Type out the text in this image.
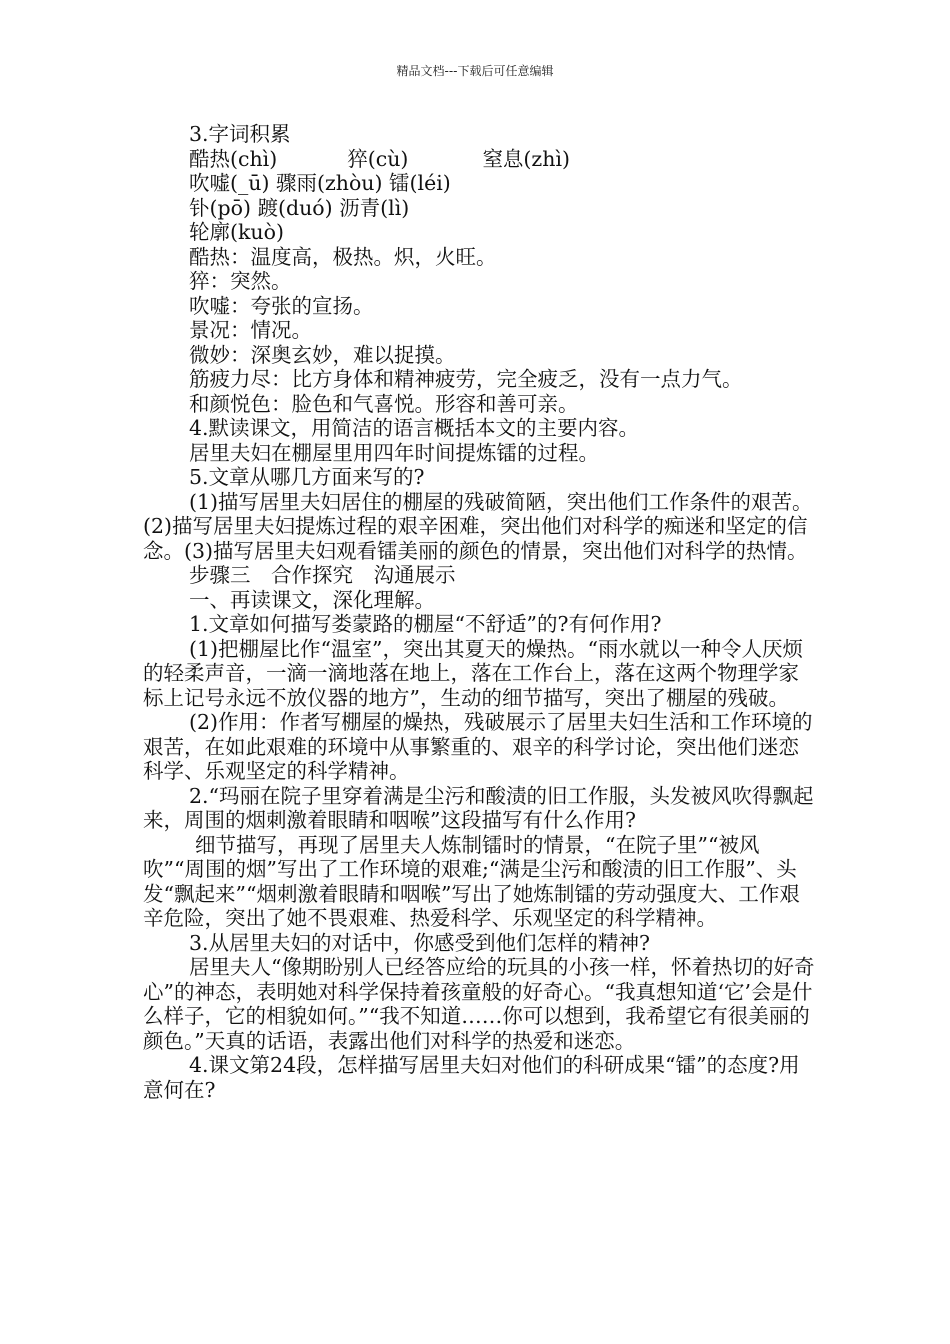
精品文档---下载后可任意编辑

3.字词积累

酷热(chì)	猝(cù)	窒息(zhì)

吹嘘(_ū) 骤雨(zhòu) 镭(léi)

钋(pō) 踱(duó) 沥青(lì)

轮廓(kuò)

酷热：温度高，极热。炽，火旺。

猝：突然。

吹嘘：夸张的宣扬。

景况：情况。

微妙：深奥玄妙，难以捉摸。

筋疲力尽：比方身体和精神疲劳，完全疲乏，没有一点力气。

和颜悦色：脸色和气喜悦。形容和善可亲。

4.默读课文，用简洁的语言概括本文的主要内容。

居里夫妇在棚屋里用四年时间提炼镭的过程。

5.文章从哪几方面来写的?

(1)描写居里夫妇居住的棚屋的残破简陋，突出他们工作条件的艰苦。(2)描写居里夫妇提炼过程的艰辛困难，突出他们对科学的痴迷和坚定的信念。(3)描写居里夫妇观看镭美丽的颜色的情景，突出他们对科学的热情。

步骤三　合作探究　沟通展示

一、再读课文，深化理解。

1.文章如何描写娄蒙路的棚屋“不舒适”的?有何作用?

(1)把棚屋比作“温室”，突出其夏天的燥热。“雨水就以一种令人厌烦的轻柔声音，一滴一滴地落在地上，落在工作台上，落在这两个物理学家标上记号永远不放仪器的地方”，生动的细节描写，突出了棚屋的残破。

(2)作用：作者写棚屋的燥热，残破展示了居里夫妇生活和工作环境的艰苦，在如此艰难的环境中从事繁重的、艰辛的科学讨论，突出他们迷恋科学、乐观坚定的科学精神。

2.“玛丽在院子里穿着满是尘污和酸渍的旧工作服，头发被风吹得飘起来，周围的烟刺激着眼睛和咽喉”这段描写有什么作用?

细节描写，再现了居里夫人炼制镭时的情景，“在院子里”“被风吹”“周围的烟”写出了工作环境的艰难;“满是尘污和酸渍的旧工作服”、头发“飘起来”“烟刺激着眼睛和咽喉”写出了她炼制镭的劳动强度大、工作艰辛危险，突出了她不畏艰难、热爱科学、乐观坚定的科学精神。

3.从居里夫妇的对话中，你感受到他们怎样的精神?

居里夫人“像期盼别人已经答应给的玩具的小孩一样，怀着热切的好奇心”的神态，表明她对科学保持着孩童般的好奇心。“我真想知道‘它’会是什么样子，它的相貌如何。”“我不知道……你可以想到，我希望它有很美丽的颜色。”天真的话语，表露出他们对科学的热爱和迷恋。

4.课文第24段，怎样描写居里夫妇对他们的科研成果“镭”的态度?用意何在?
